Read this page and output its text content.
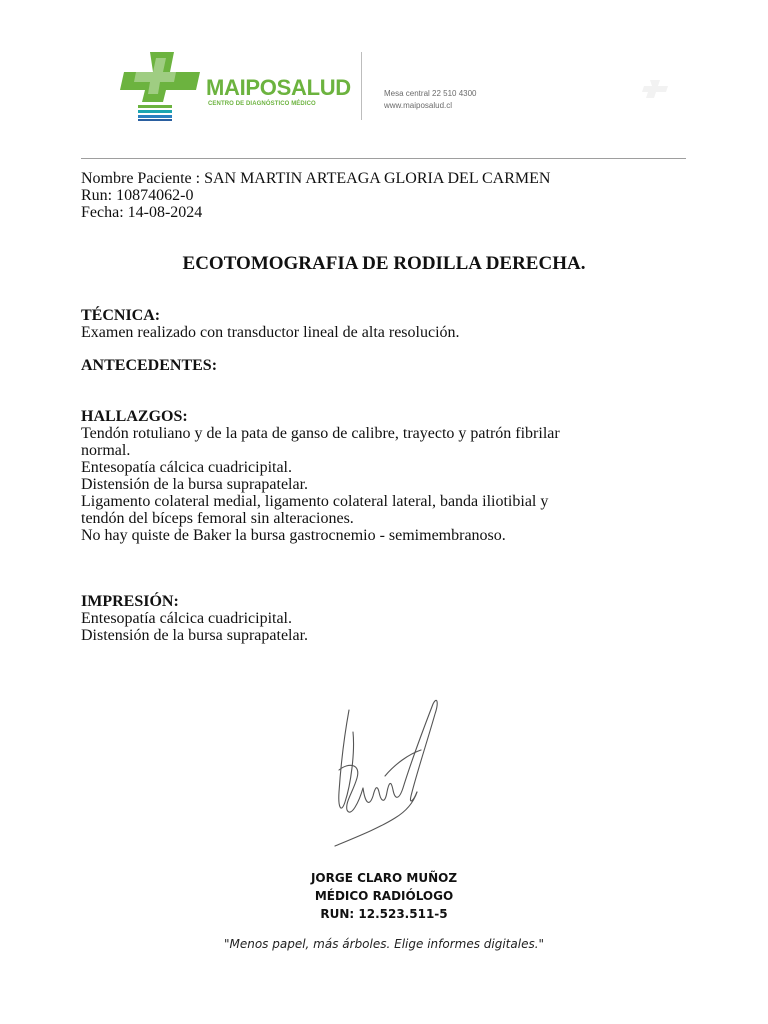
MAIPOSALUD
CENTRO DE DIAGNÓSTICO MÉDICO
Mesa central 22 510 4300
www.maiposalud.cl
Nombre Paciente : SAN MARTIN ARTEAGA GLORIA DEL CARMEN
Run: 10874062-0
Fecha: 14-08-2024
ECOTOMOGRAFIA DE RODILLA DERECHA.
TÉCNICA:
Examen realizado con transductor lineal de alta resolución.
ANTECEDENTES:
HALLAZGOS:
Tendón rotuliano y de la pata de ganso de calibre, trayecto y patrón fibrilar
normal.
Entesopatía cálcica cuadricipital.
Distensión de la bursa suprapatelar.
Ligamento colateral medial, ligamento colateral lateral, banda iliotibial y
tendón del bíceps femoral sin alteraciones.
No hay quiste de Baker la bursa gastrocnemio - semimembranoso.
IMPRESIÓN:
Entesopatía cálcica cuadricipital.
Distensión de la bursa suprapatelar.
JORGE CLARO MUÑOZ
MÉDICO RADIÓLOGO
RUN: 12.523.511-5
"Menos papel, más árboles. Elige informes digitales."
